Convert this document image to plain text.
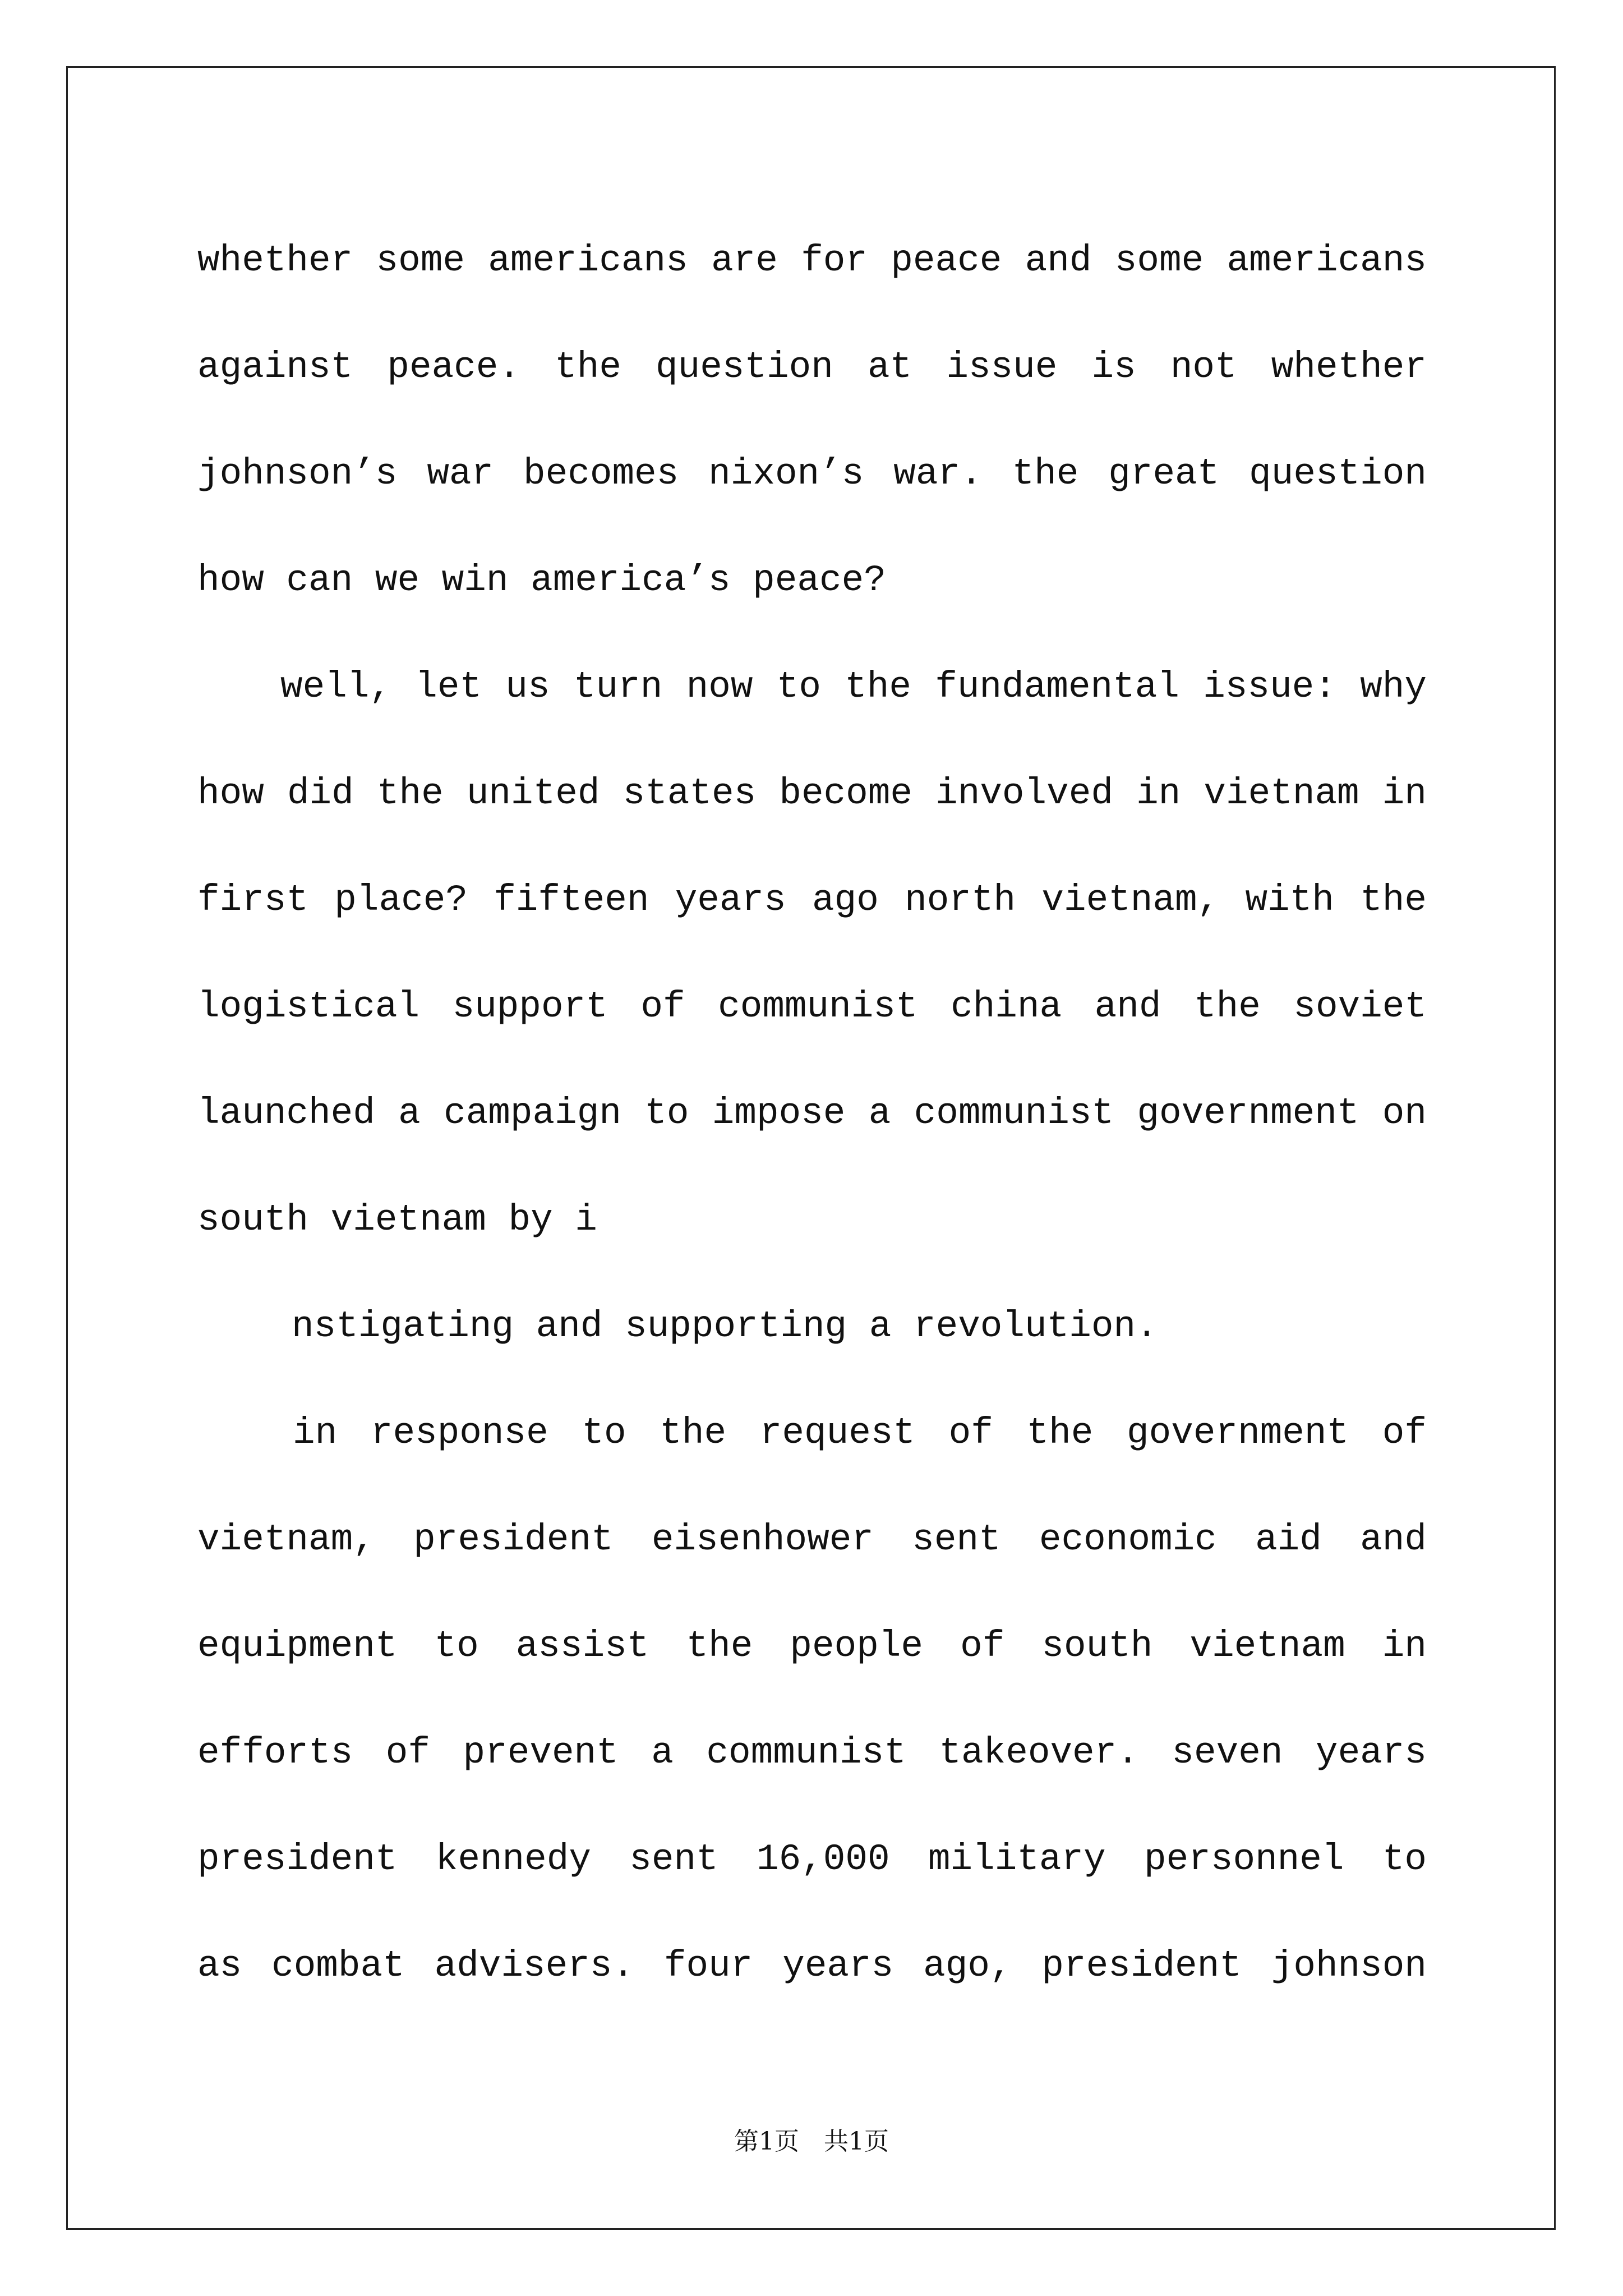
whether some americans are for peace and some americans
against peace. the question at issue is not whether
johnson’s war becomes nixon’s war. the great question
how can we win america’s peace?
well, let us turn now to the fundamental issue: why
how did the united states become involved in vietnam in
first place? fifteen years ago north vietnam, with the
logistical support of communist china and the soviet
launched a campaign to impose a communist government on
south vietnam by i
nstigating and supporting a revolution.
in response to the request of the government of
vietnam, president eisenhower sent economic aid and
equipment to assist the people of south vietnam in
efforts of prevent a communist takeover. seven years
president kennedy sent 16,000 military personnel to
as combat advisers. four years ago, president johnson
第1页　共1页
